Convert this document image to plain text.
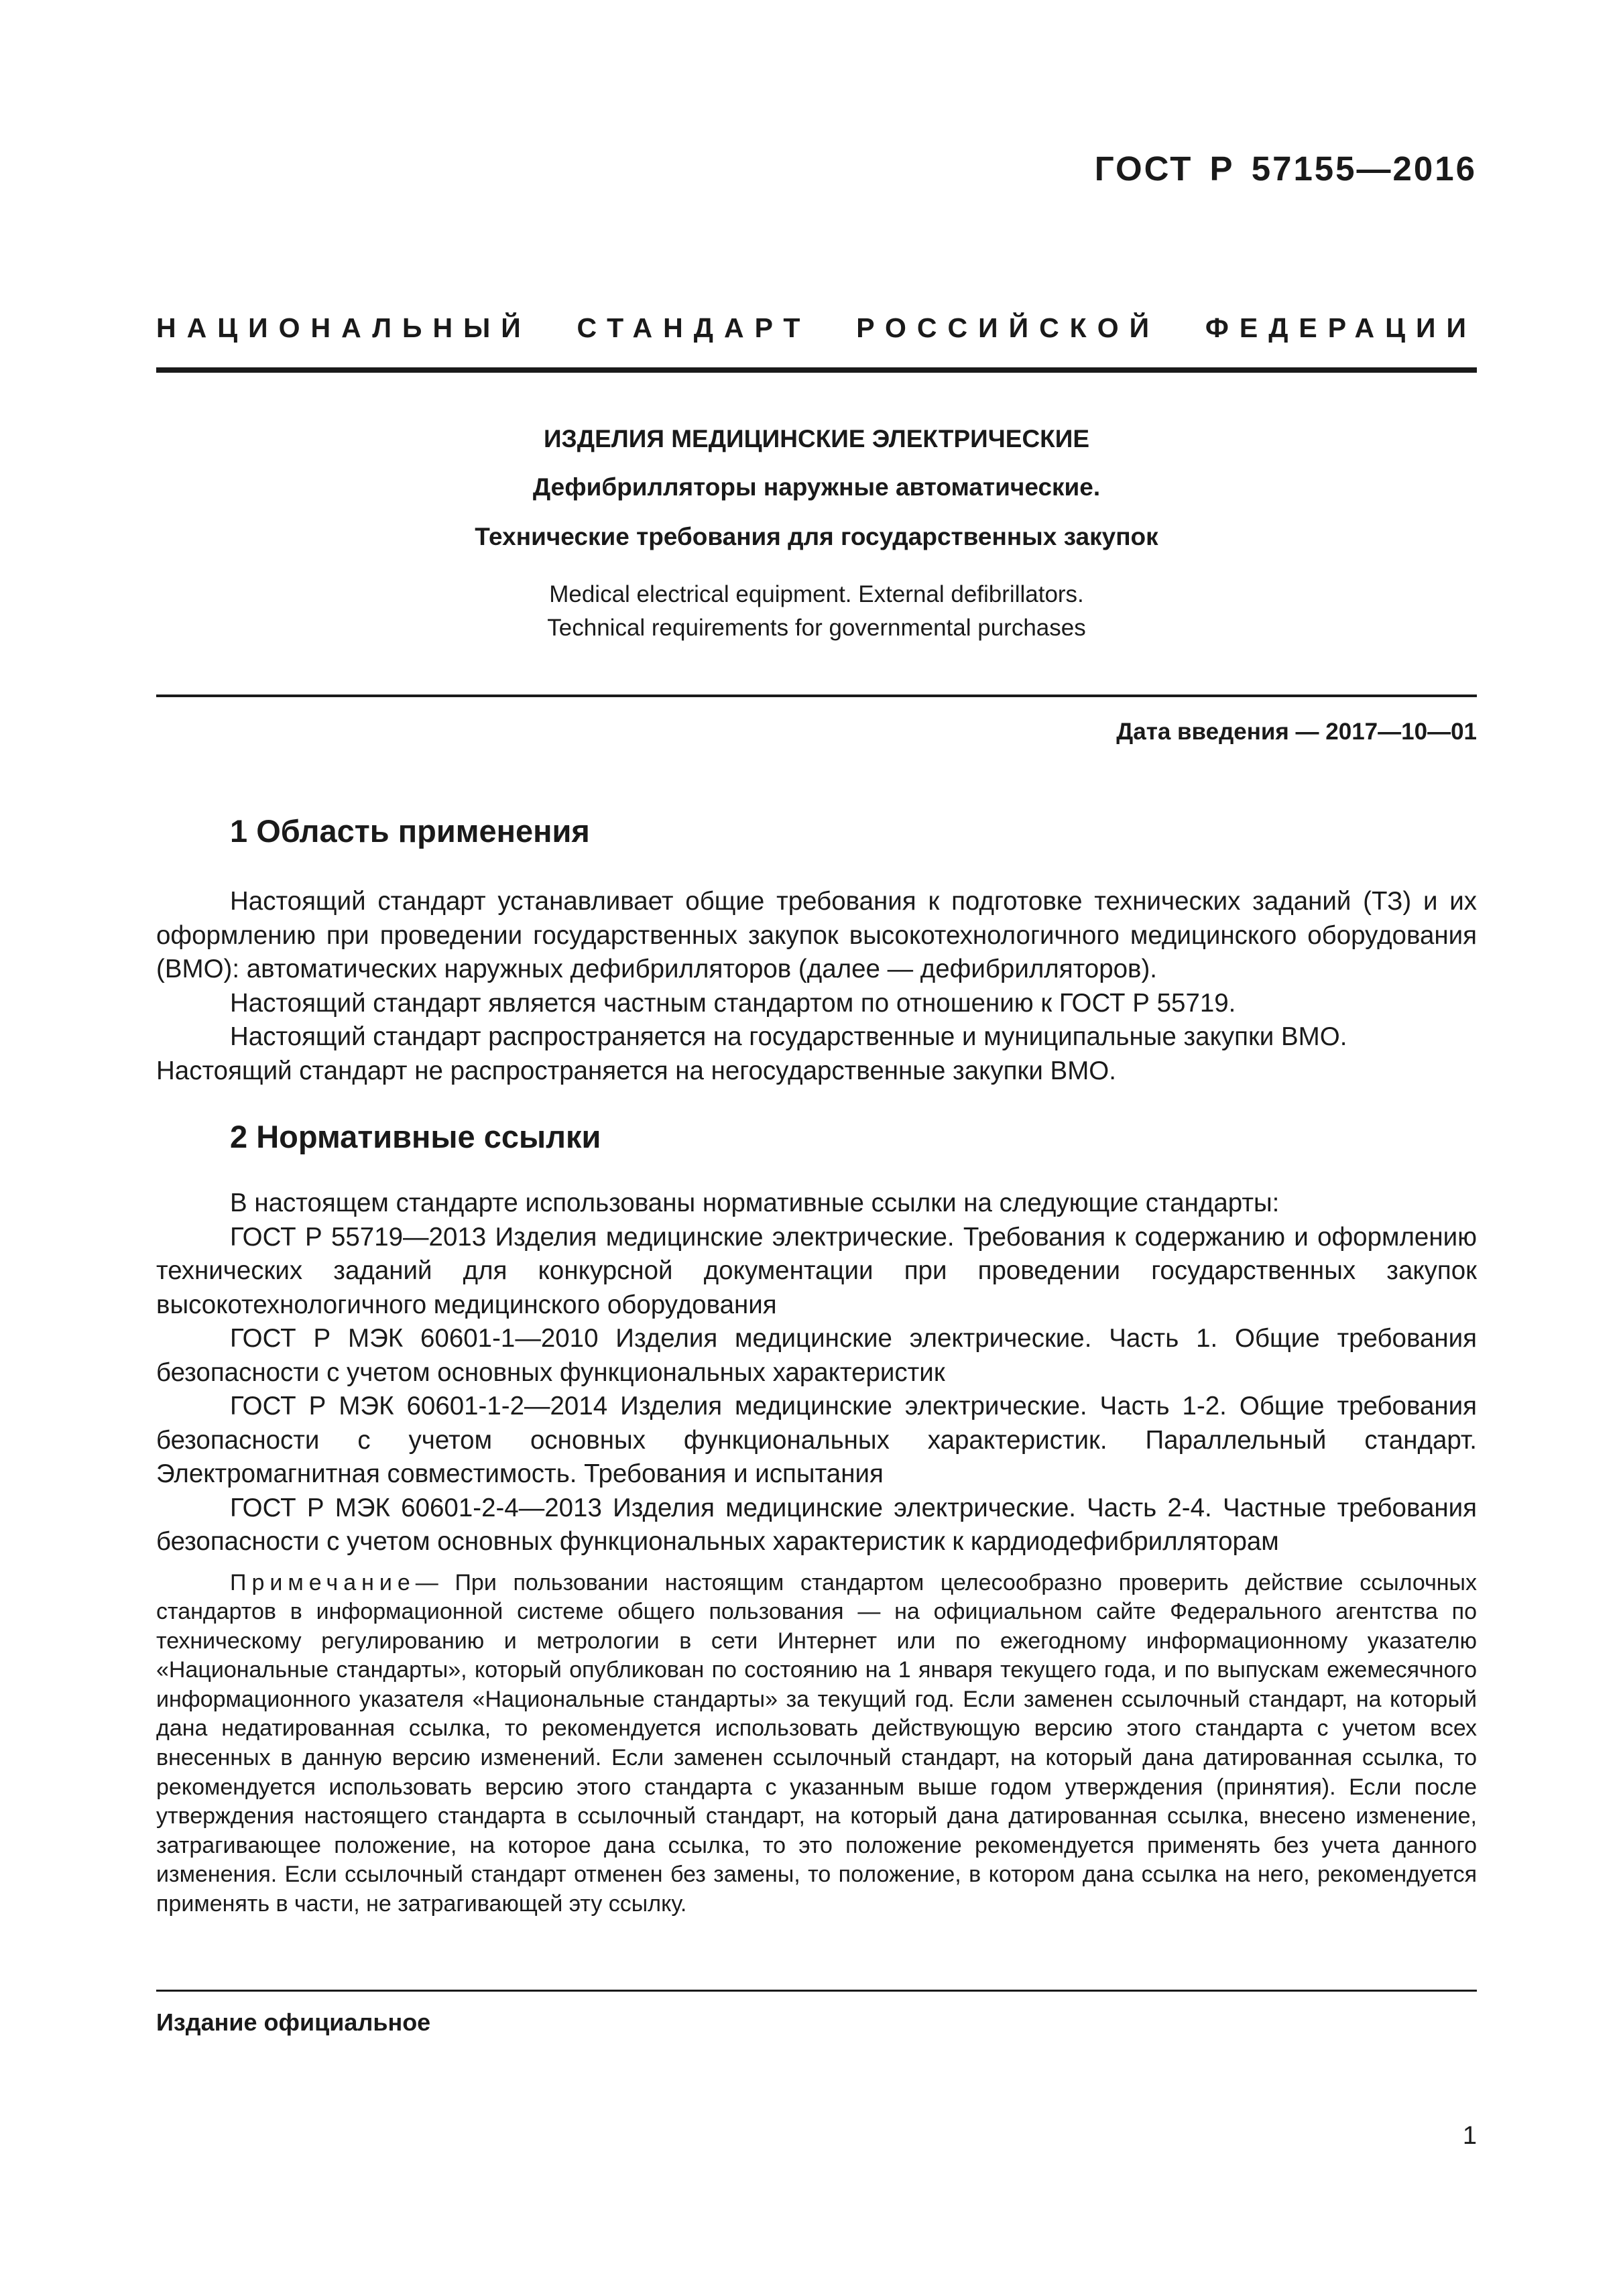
ГОСТ Р 57155—2016
НАЦИОНАЛЬНЫЙ СТАНДАРТ РОССИЙСКОЙ ФЕДЕРАЦИИ
ИЗДЕЛИЯ МЕДИЦИНСКИЕ ЭЛЕКТРИЧЕСКИЕ
Дефибрилляторы наружные автоматические.
Технические требования для государственных закупок
Medical electrical equipment. External defibrillators.
Technical requirements for governmental purchases
Дата введения — 2017—10—01
1 Область применения

Настоящий стандарт устанавливает общие требования к подготовке технических заданий (ТЗ) и их оформлению при проведении государственных закупок высокотехнологичного медицинского оборудования (ВМО): автоматических наружных дефибрилляторов (далее — дефибрилляторов).

Настоящий стандарт является частным стандартом по отношению к ГОСТ Р 55719.

Настоящий стандарт распространяется на государственные и муниципальные закупки ВМО.

Настоящий стандарт не распространяется на негосударственные закупки ВМО.

2 Нормативные ссылки

В настоящем стандарте использованы нормативные ссылки на следующие стандарты:

ГОСТ Р 55719—2013 Изделия медицинские электрические. Требования к содержанию и оформлению технических заданий для конкурсной документации при проведении государственных закупок высокотехнологичного медицинского оборудования

ГОСТ Р МЭК 60601-1—2010 Изделия медицинские электрические. Часть 1. Общие требования безопасности с учетом основных функциональных характеристик

ГОСТ Р МЭК 60601-1-2—2014 Изделия медицинские электрические. Часть 1-2. Общие требования безопасности с учетом основных функциональных характеристик. Параллельный стандарт. Электромагнитная совместимость. Требования и испытания

ГОСТ Р МЭК 60601-2-4—2013 Изделия медицинские электрические. Часть 2-4. Частные требования безопасности с учетом основных функциональных характеристик к кардиодефибрилляторам

Примечание— При пользовании настоящим стандартом целесообразно проверить действие ссылочных стандартов в информационной системе общего пользования — на официальном сайте Федерального агентства по техническому регулированию и метрологии в сети Интернет или по ежегодному информационному указателю «Национальные стандарты», который опубликован по состоянию на 1 января текущего года, и по выпускам ежемесячного информационного указателя «Национальные стандарты» за текущий год. Если заменен ссылочный стандарт, на который дана недатированная ссылка, то рекомендуется использовать действующую версию этого стандарта с учетом всех внесенных в данную версию изменений. Если заменен ссылочный стандарт, на который дана датированная ссылка, то рекомендуется использовать версию этого стандарта с указанным выше годом утверждения (принятия). Если после утверждения настоящего стандарта в ссылочный стандарт, на который дана датированная ссылка, внесено изменение, затрагивающее положение, на которое дана ссылка, то это положение рекомендуется применять без учета данного изменения. Если ссылочный стандарт отменен без замены, то положение, в котором дана ссылка на него, рекомендуется применять в части, не затрагивающей эту ссылку.
Издание официальное
1
